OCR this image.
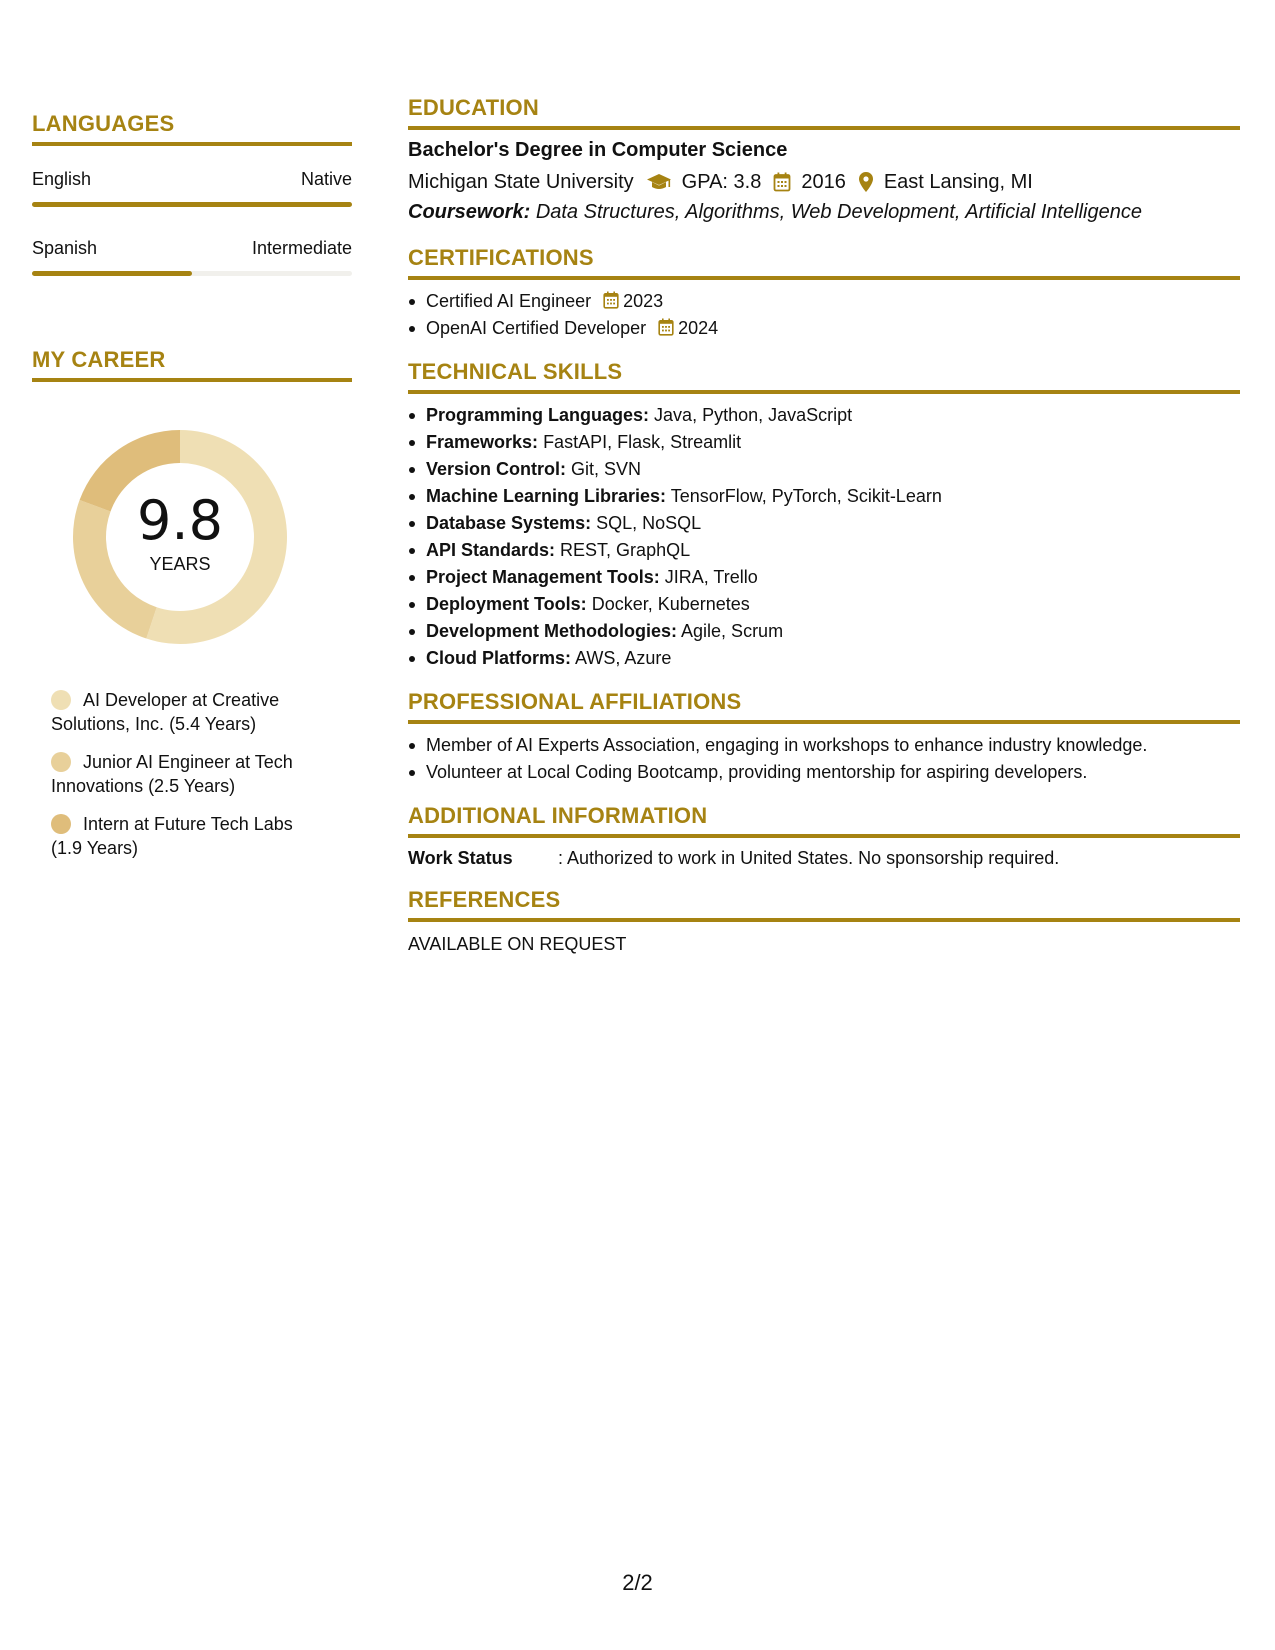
LANGUAGES
English	Native
Spanish	Intermediate
MY CAREER
9.8
YEARS
AI Developer at Creative Solutions, Inc. (5.4 Years)
Junior AI Engineer at Tech Innovations (2.5 Years)
Intern at Future Tech Labs (1.9 Years)
EDUCATION
Bachelor's Degree in Computer Science
Michigan State University GPA: 3.8 2016 East Lansing, MI
Coursework: Data Structures, Algorithms, Web Development, Artificial Intelligence
CERTIFICATIONS
Certified AI Engineer 2023
OpenAI Certified Developer 2024
TECHNICAL SKILLS
Programming Languages: Java, Python, JavaScript
Frameworks: FastAPI, Flask, Streamlit
Version Control: Git, SVN
Machine Learning Libraries: TensorFlow, PyTorch, Scikit-Learn
Database Systems: SQL, NoSQL
API Standards: REST, GraphQL
Project Management Tools: JIRA, Trello
Deployment Tools: Docker, Kubernetes
Development Methodologies: Agile, Scrum
Cloud Platforms: AWS, Azure
PROFESSIONAL AFFILIATIONS
Member of AI Experts Association, engaging in workshops to enhance industry knowledge.
Volunteer at Local Coding Bootcamp, providing mentorship for aspiring developers.
ADDITIONAL INFORMATION
Work Status	: Authorized to work in United States. No sponsorship required.
REFERENCES
AVAILABLE ON REQUEST
2/2
